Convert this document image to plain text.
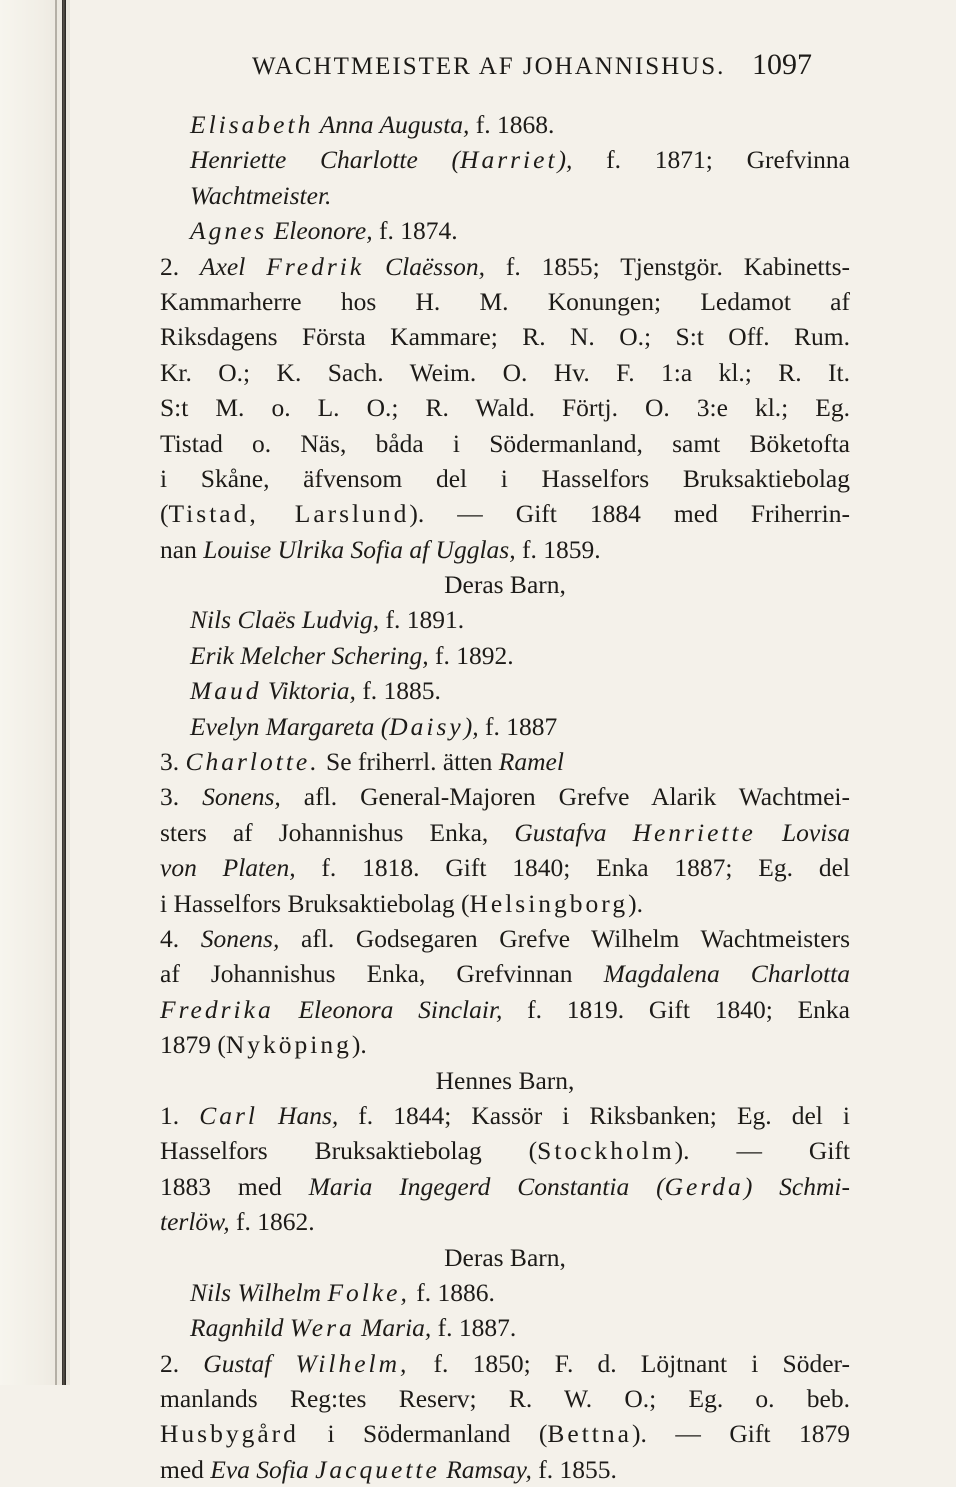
WACHTMEISTER AF JOHANNISHUS. 1097
Elisabeth Anna Augusta, f. 1868.
Henriette Charlotte (Harriet), f. 1871; Grefvinna
Wachtmeister.
Agnes Eleonore, f. 1874.
2. Axel Fredrik Claësson, f. 1855; Tjenstgör. Kabinetts-
Kammarherre hos H. M. Konungen; Ledamot af
Riksdagens Första Kammare; R. N. O.; S:t Off. Rum.
Kr. O.; K. Sach. Weim. O. Hv. F. 1:a kl.; R. It.
S:t M. o. L. O.; R. Wald. Förtj. O. 3:e kl.; Eg.
Tistad o. Näs, båda i Södermanland, samt Böketofta
i Skåne, äfvensom del i Hasselfors Bruksaktiebolag
(Tistad, Larslund). — Gift 1884 med Friherrin-
nan Louise Ulrika Sofia af Ugglas, f. 1859.
Deras Barn,
Nils Claës Ludvig, f. 1891.
Erik Melcher Schering, f. 1892.
Maud Viktoria, f. 1885.
Evelyn Margareta (Daisy), f. 1887
3. Charlotte. Se friherrl. ätten Ramel
3. Sonens, afl. General-Majoren Grefve Alarik Wachtmei-
sters af Johannishus Enka, Gustafva Henriette Lovisa
von Platen, f. 1818. Gift 1840; Enka 1887; Eg. del
i Hasselfors Bruksaktiebolag (Helsingborg).
4. Sonens, afl. Godsegaren Grefve Wilhelm Wachtmeisters
af Johannishus Enka, Grefvinnan Magdalena Charlotta
Fredrika Eleonora Sinclair, f. 1819. Gift 1840; Enka
1879 (Nyköping).
Hennes Barn,
1. Carl Hans, f. 1844; Kassör i Riksbanken; Eg. del i
Hasselfors Bruksaktiebolag (Stockholm). — Gift
1883 med Maria Ingegerd Constantia (Gerda) Schmi-
terlöw, f. 1862.
Deras Barn,
Nils Wilhelm Folke, f. 1886.
Ragnhild Wera Maria, f. 1887.
2. Gustaf Wilhelm, f. 1850; F. d. Löjtnant i Söder-
manlands Reg:tes Reserv; R. W. O.; Eg. o. beb.
Husbygård i Södermanland (Bettna). — Gift 1879
med Eva Sofia Jacquette Ramsay, f. 1855.
